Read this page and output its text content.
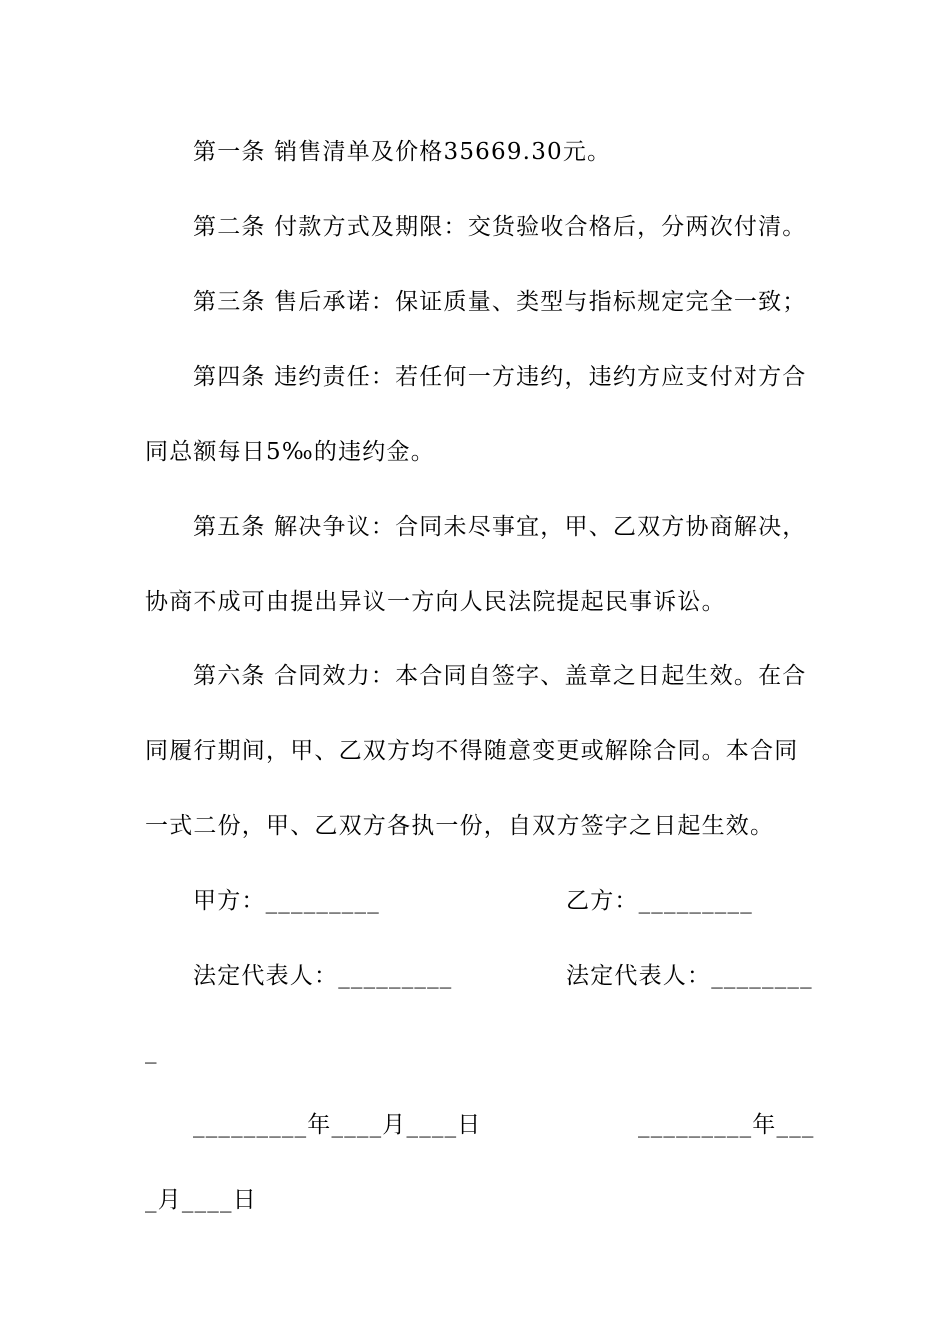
第一条 销售清单及价格35669.30元。
第二条 付款方式及期限：交货验收合格后，分两次付清。
第三条 售后承诺：保证质量、类型与指标规定完全一致；
第四条 违约责任：若任何一方违约，违约方应支付对方合
同总额每日5‰的违约金。
第五条 解决争议：合同未尽事宜，甲、乙双方协商解决，
协商不成可由提出异议一方向人民法院提起民事诉讼。
第六条 合同效力：本合同自签字、盖章之日起生效。在合
同履行期间，甲、乙双方均不得随意变更或解除合同。本合同
一式二份，甲、乙双方各执一份，自双方签字之日起生效。
甲方：_________	乙方：_________
法定代表人：_________	法定代表人：________
_
_________年____月____日	_________年___
_月____日
